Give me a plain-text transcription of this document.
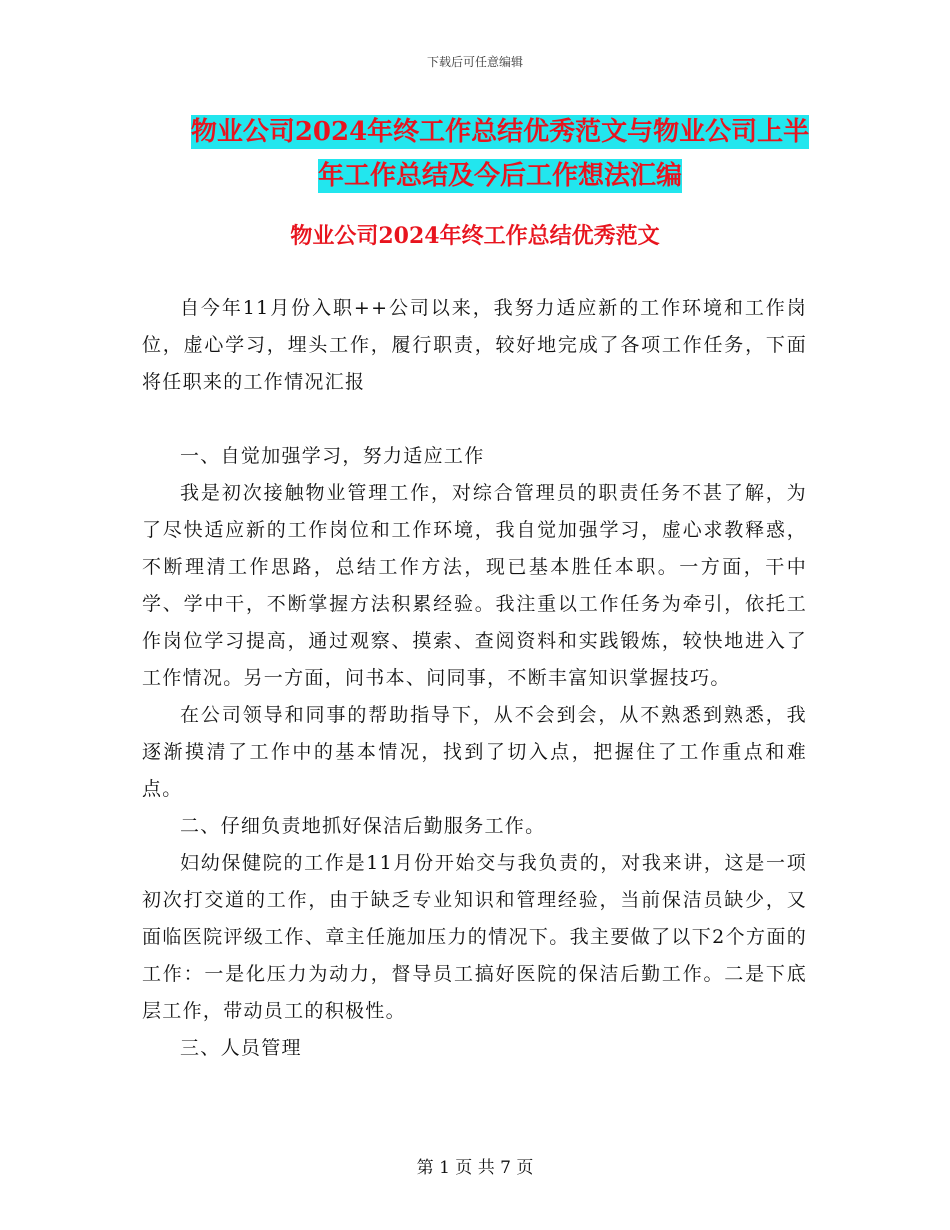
下载后可任意编辑
物业公司2024年终工作总结优秀范文与物业公司上半
年工作总结及今后工作想法汇编
物业公司2024年终工作总结优秀范文

自今年11月份入职++公司以来，我努力适应新的工作环境和工作岗位，虚心学习，埋头工作，履行职责，较好地完成了各项工作任务，下面将任职来的工作情况汇报

一、自觉加强学习，努力适应工作

我是初次接触物业管理工作，对综合管理员的职责任务不甚了解，为了尽快适应新的工作岗位和工作环境，我自觉加强学习，虚心求教释惑，不断理清工作思路，总结工作方法，现已基本胜任本职。一方面，干中学、学中干，不断掌握方法积累经验。我注重以工作任务为牵引，依托工作岗位学习提高，通过观察、摸索、查阅资料和实践锻炼，较快地进入了工作情况。另一方面，问书本、问同事，不断丰富知识掌握技巧。

在公司领导和同事的帮助指导下，从不会到会，从不熟悉到熟悉，我逐渐摸清了工作中的基本情况，找到了切入点，把握住了工作重点和难点。

二、仔细负责地抓好保洁后勤服务工作。

妇幼保健院的工作是11月份开始交与我负责的，对我来讲，这是一项初次打交道的工作，由于缺乏专业知识和管理经验，当前保洁员缺少，又面临医院评级工作、章主任施加压力的情况下。我主要做了以下2个方面的工作：一是化压力为动力，督导员工搞好医院的保洁后勤工作。二是下底层工作，带动员工的积极性。

三、人员管理

第 1 页 共 7 页
